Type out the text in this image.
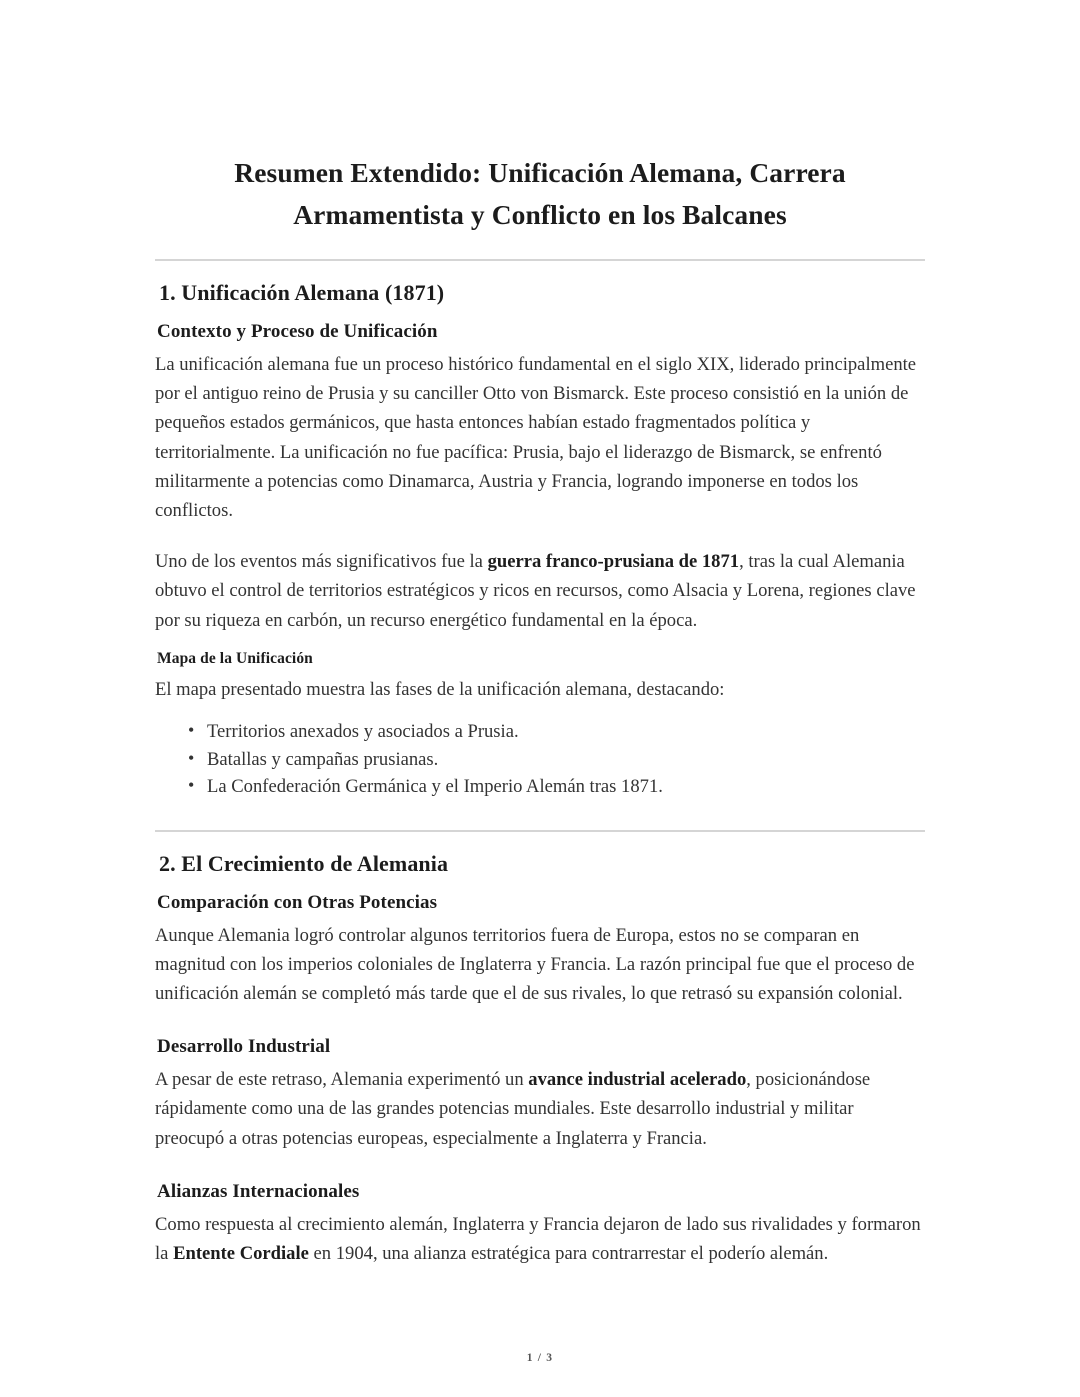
Resumen Extendido: Unificación Alemana, Carrera
Armamentista y Conflicto en los Balcanes
1. Unificación Alemana (1871)
Contexto y Proceso de Unificación

La unificación alemana fue un proceso histórico fundamental en el siglo XIX, liderado principalmente por el antiguo reino de Prusia y su canciller Otto von Bismarck. Este proceso consistió en la unión de pequeños estados germánicos, que hasta entonces habían estado fragmentados política y territorialmente. La unificación no fue pacífica: Prusia, bajo el liderazgo de Bismarck, se enfrentó militarmente a potencias como Dinamarca, Austria y Francia, logrando imponerse en todos los conflictos.

Uno de los eventos más significativos fue la guerra franco-prusiana de 1871, tras la cual Alemania obtuvo el control de territorios estratégicos y ricos en recursos, como Alsacia y Lorena, regiones clave por su riqueza en carbón, un recurso energético fundamental en la época.

Mapa de la Unificación

El mapa presentado muestra las fases de la unificación alemana, destacando:

• Territorios anexados y asociados a Prusia.
• Batallas y campañas prusianas.
• La Confederación Germánica y el Imperio Alemán tras 1871.
2. El Crecimiento de Alemania
Comparación con Otras Potencias

Aunque Alemania logró controlar algunos territorios fuera de Europa, estos no se comparan en magnitud con los imperios coloniales de Inglaterra y Francia. La razón principal fue que el proceso de unificación alemán se completó más tarde que el de sus rivales, lo que retrasó su expansión colonial.

Desarrollo Industrial

A pesar de este retraso, Alemania experimentó un avance industrial acelerado, posicionándose rápidamente como una de las grandes potencias mundiales. Este desarrollo industrial y militar preocupó a otras potencias europeas, especialmente a Inglaterra y Francia.

Alianzas Internacionales

Como respuesta al crecimiento alemán, Inglaterra y Francia dejaron de lado sus rivalidades y formaron la Entente Cordiale en 1904, una alianza estratégica para contrarrestar el poderío alemán.

1 / 3
